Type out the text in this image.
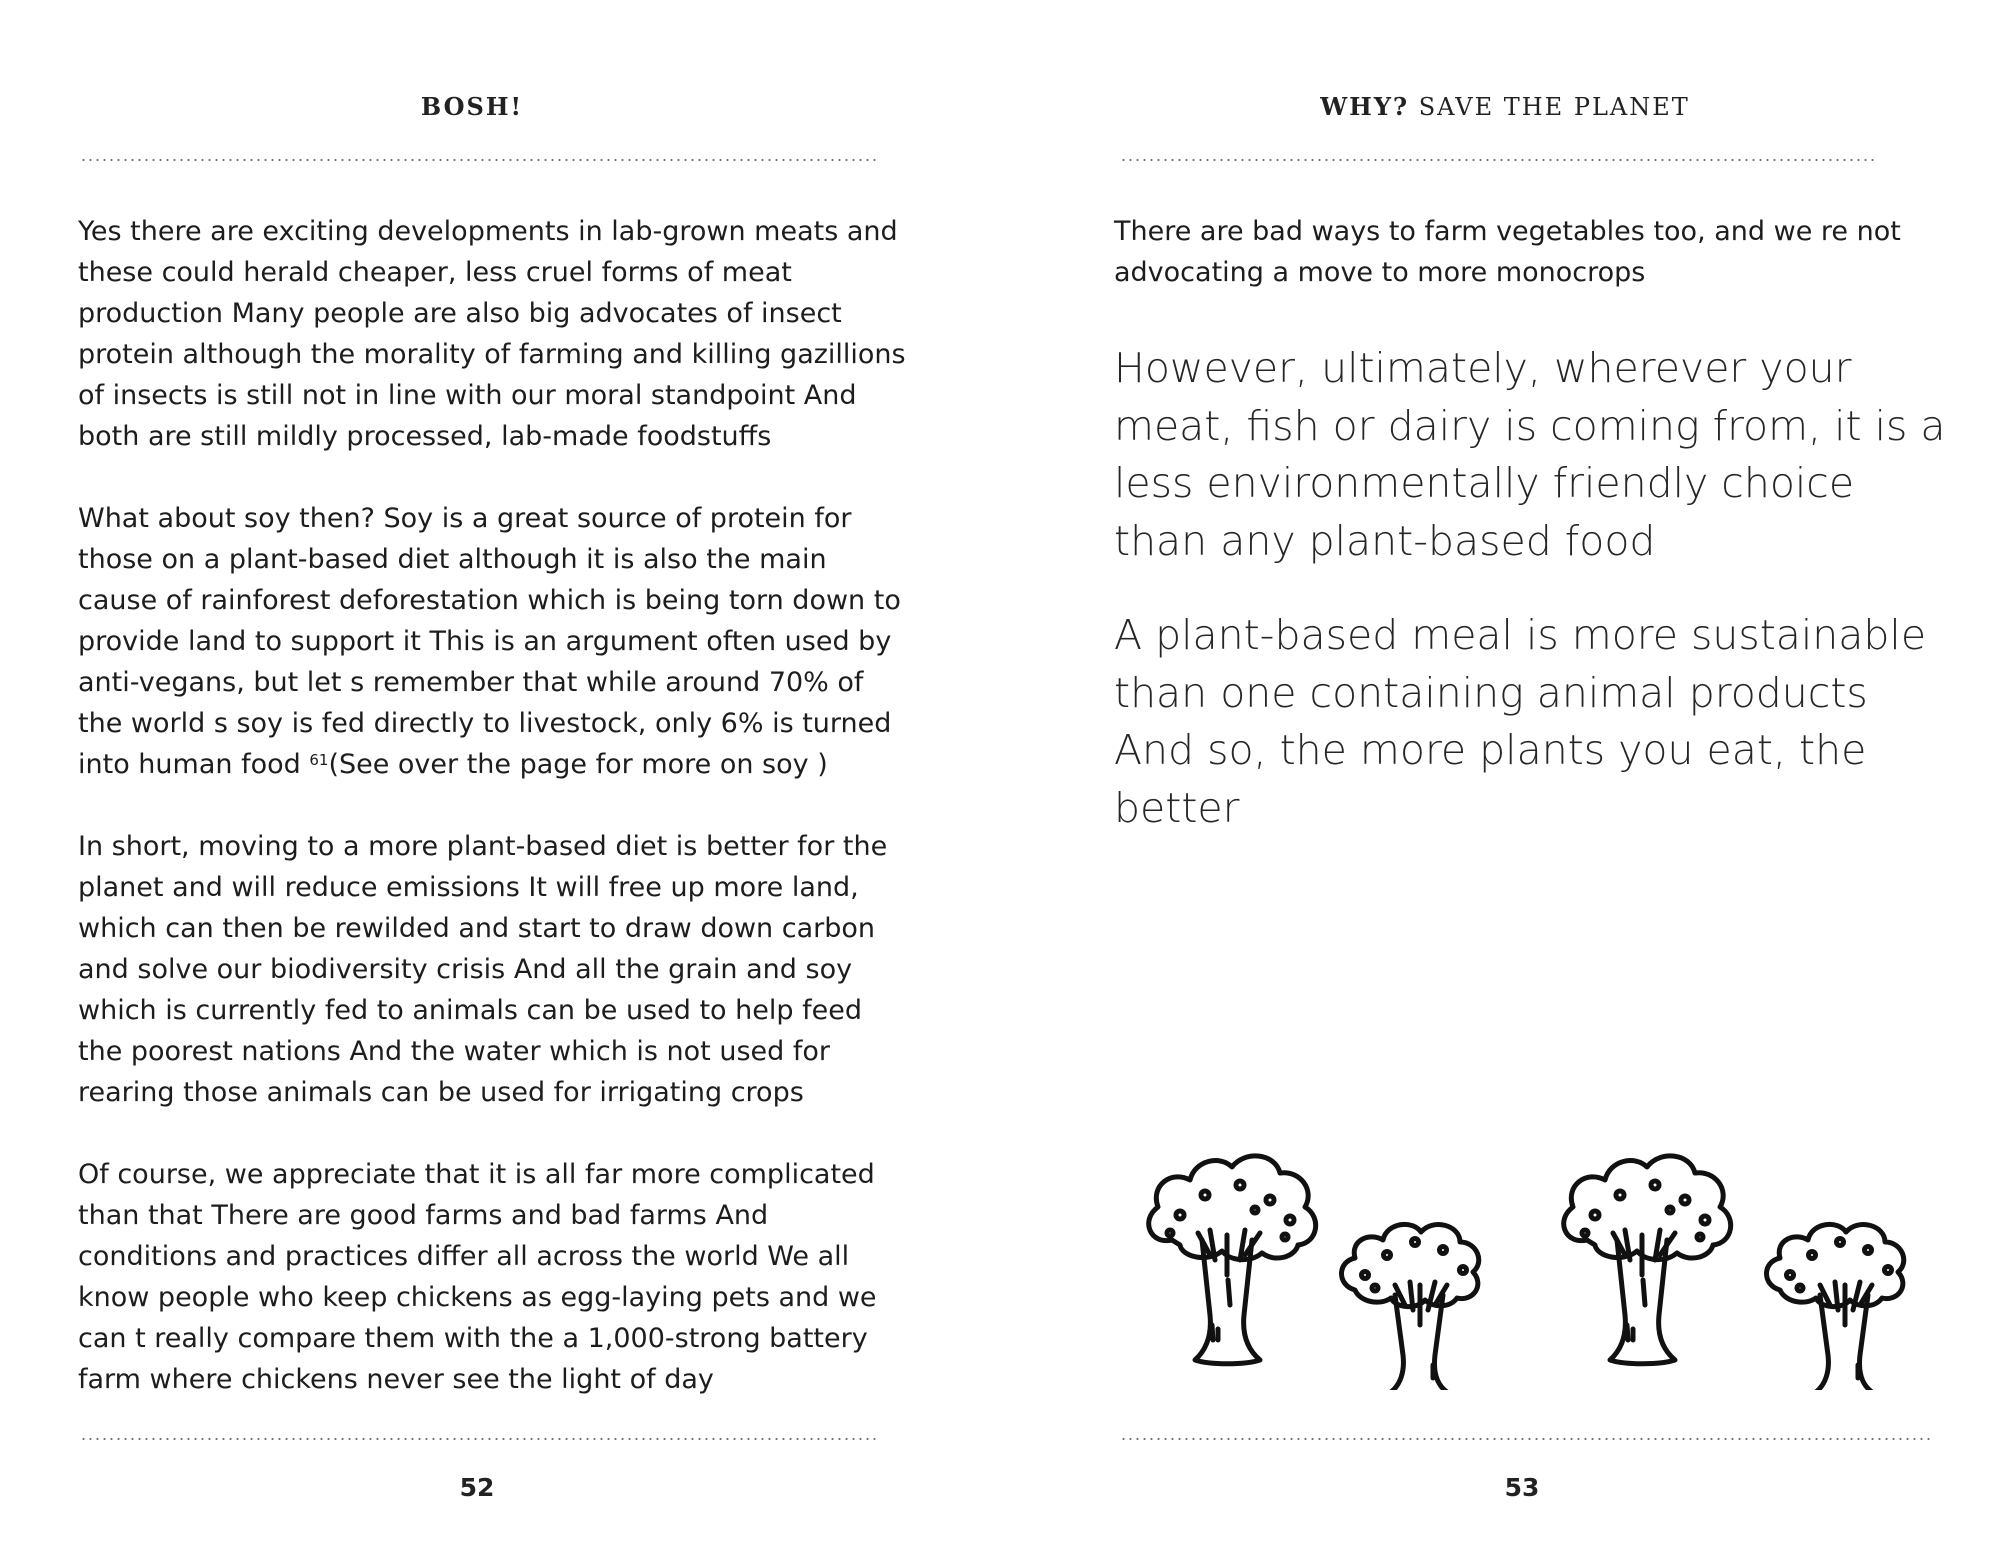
BOSH!

Yes there are exciting developments in lab-grown meats and these could herald cheaper, less cruel forms of meat production Many people are also big advocates of insect protein although the morality of farming and killing gazillions of insects is still not in line with our moral standpoint And both are still mildly processed, lab-made foodstuffs

What about soy then? Soy is a great source of protein for those on a plant-based diet although it is also the main cause of rainforest deforestation which is being torn down to provide land to support it This is an argument often used by anti-vegans, but let s remember that while around 70% of the world s soy is fed directly to livestock, only 6% is turned into human food $^{61}$(See over the page for more on soy )

In short, moving to a more plant-based diet is better for the planet and will reduce emissions It will free up more land, which can then be rewilded and start to draw down carbon and solve our biodiversity crisis And all the grain and soy which is currently fed to animals can be used to help feed the poorest nations And the water which is not used for rearing those animals can be used for irrigating crops

Of course, we appreciate that it is all far more complicated than that There are good farms and bad farms And conditions and practices differ all across the world We all know people who keep chickens as egg-laying pets and we can t really compare them with the a 1,000-strong battery farm where chickens never see the light of day

52
WHY? SAVE THE PLANET

There are bad ways to farm vegetables too, and we re not advocating a move to more monocrops

However, ultimately, wherever your meat, fish or dairy is coming from, it is a less environmentally friendly choice than any plant-based food

A plant-based meal is more sustainable than one containing animal products And so, the more plants you eat, the better

53
